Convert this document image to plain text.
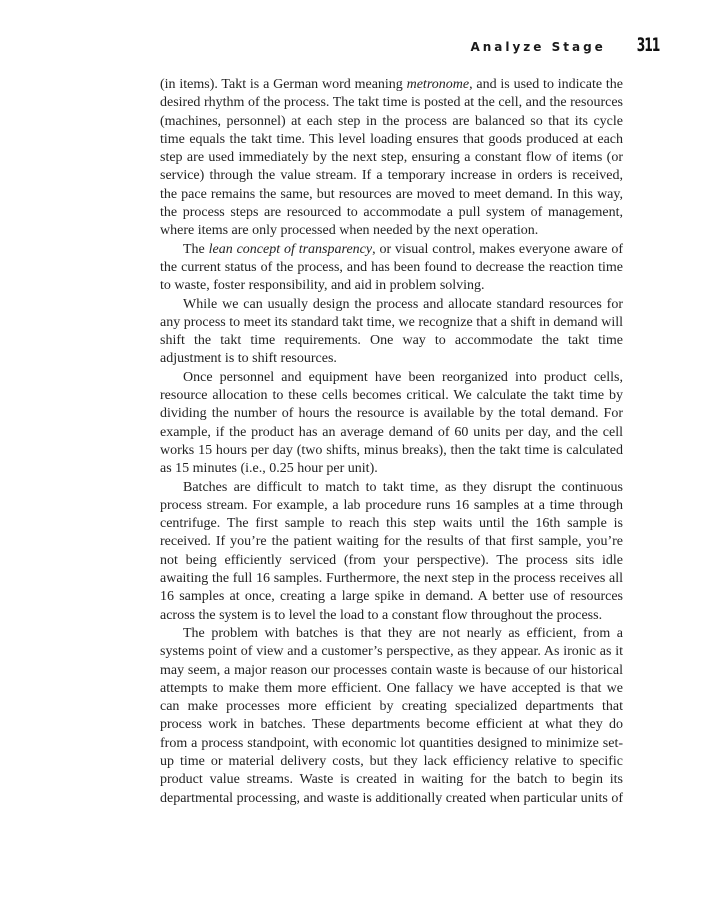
Analyze Stage 311

(in items). Takt is a German word meaning metronome, and is used to indicate the desired rhythm of the process. The takt time is posted at the cell, and the resources (machines, personnel) at each step in the process are balanced so that its cycle time equals the takt time. This level loading ensures that goods produced at each step are used immediately by the next step, ensuring a constant flow of items (or service) through the value stream. If a temporary increase in orders is received, the pace remains the same, but resources are moved to meet demand. In this way, the process steps are resourced to accommodate a pull system of management, where items are only processed when needed by the next operation.

The lean concept of transparency, or visual control, makes everyone aware of the current status of the process, and has been found to decrease the reaction time to waste, foster responsibility, and aid in problem solving.

While we can usually design the process and allocate standard resources for any process to meet its standard takt time, we recognize that a shift in demand will shift the takt time requirements. One way to accommodate the takt time adjustment is to shift resources.

Once personnel and equipment have been reorganized into product cells, resource allocation to these cells becomes critical. We calculate the takt time by dividing the number of hours the resource is available by the total demand. For example, if the product has an average demand of 60 units per day, and the cell works 15 hours per day (two shifts, minus breaks), then the takt time is calculated as 15 minutes (i.e., 0.25 hour per unit).

Batches are difficult to match to takt time, as they disrupt the continuous process stream. For example, a lab procedure runs 16 samples at a time through centrifuge. The first sample to reach this step waits until the 16th sample is received. If you’re the patient waiting for the results of that first sample, you’re not being efficiently serviced (from your perspective). The process sits idle awaiting the full 16 samples. Furthermore, the next step in the process receives all 16 samples at once, creating a large spike in demand. A better use of resources across the system is to level the load to a constant flow throughout the process.

The problem with batches is that they are not nearly as efficient, from a systems point of view and a customer’s perspective, as they appear. As ironic as it may seem, a major reason our processes contain waste is because of our historical attempts to make them more efficient. One fallacy we have accepted is that we can make processes more efficient by creating specialized departments that process work in batches. These departments become efficient at what they do from a process standpoint, with economic lot quantities designed to minimize set-up time or material delivery costs, but they lack efficiency relative to specific product value streams. Waste is created in waiting for the batch to begin its departmental processing, and waste is additionally created when particular units of
